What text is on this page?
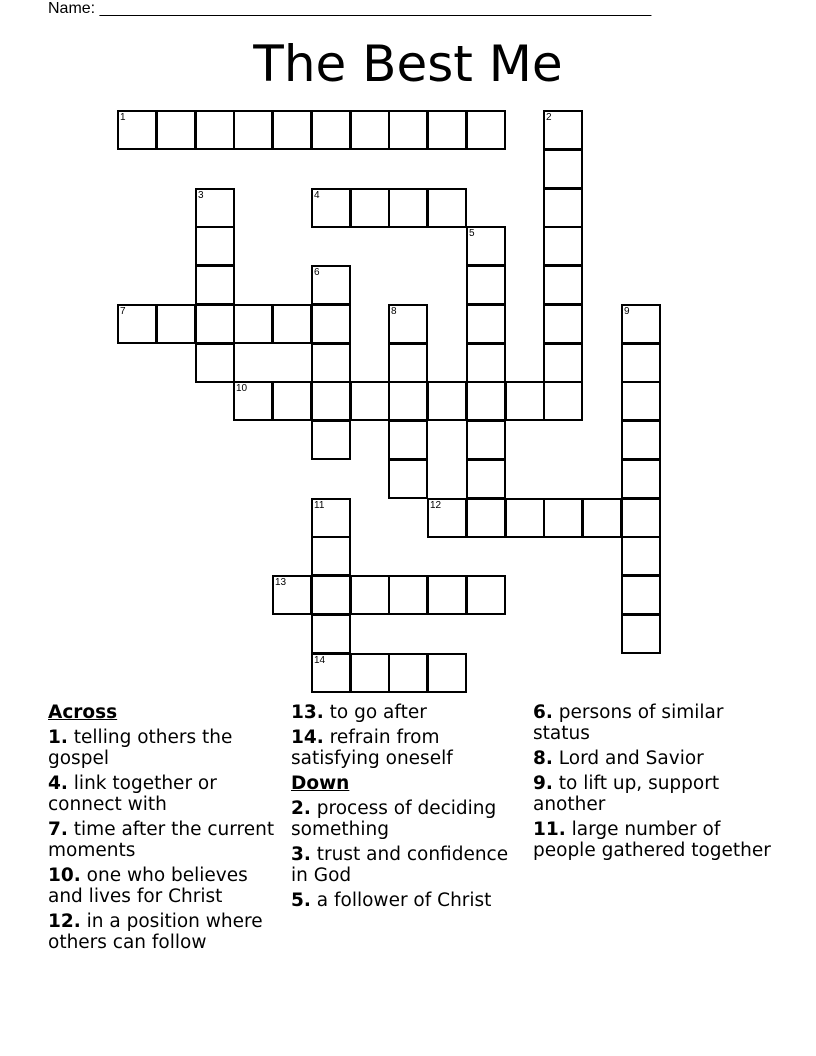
Name: ______________________________________________________________
The Best Me
1	2
3	4
5
6
7	8	9
10
11	12
13
14
Across
1. telling others the gospel
4. link together or connect with
7. time after the current moments
10. one who believes and lives for Christ
12. in a position where others can follow
13. to go after
14. refrain from satisfying oneself
Down
2. process of deciding something
3. trust and confidence in God
5. a follower of Christ
6. persons of similar status
8. Lord and Savior
9. to lift up, support another
11. large number of people gathered together
